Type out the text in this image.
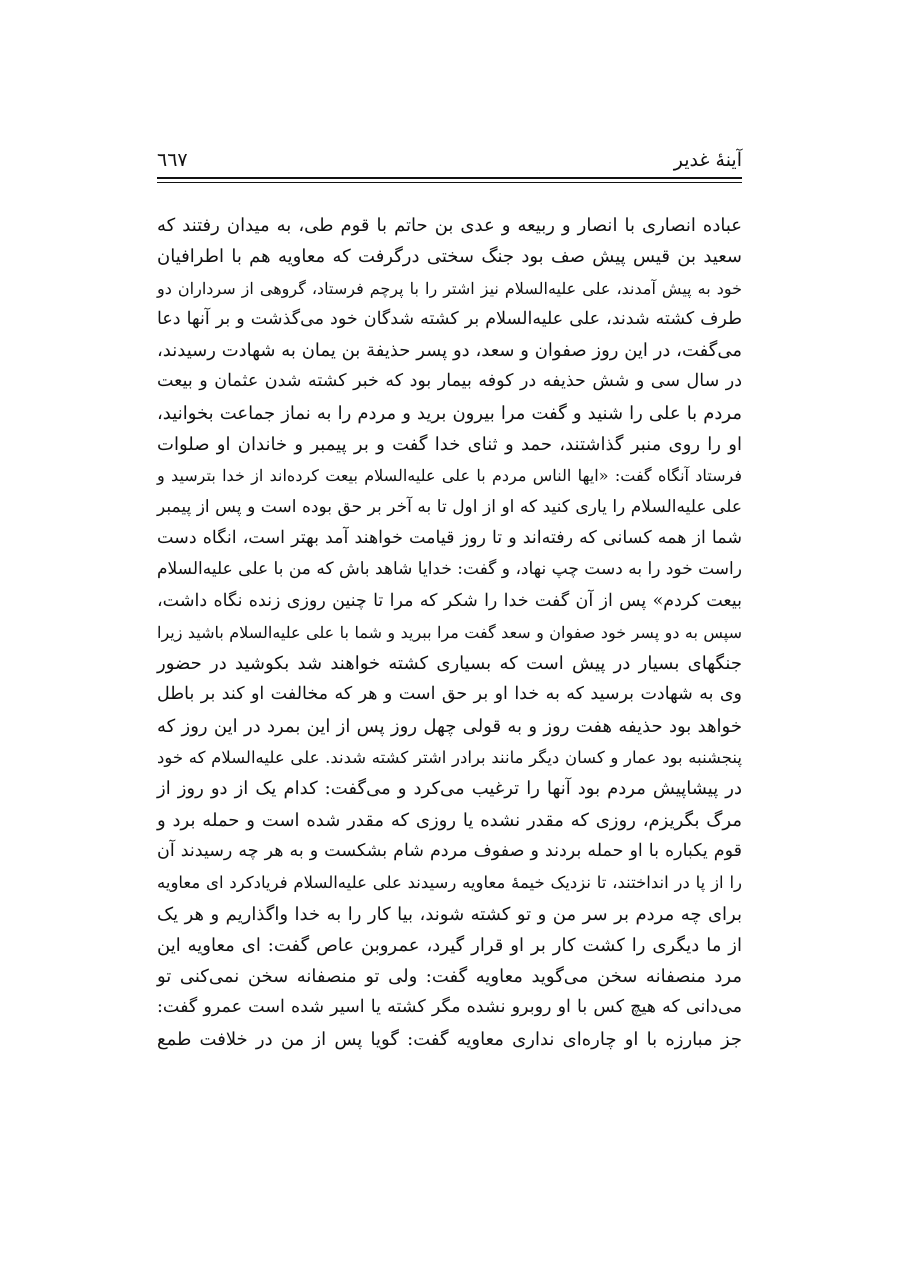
آینهٔ غدیر
٦٦٧
عباده انصاری با انصار و ربیعه و عدی بن حاتم با قوم طی، به میدان رفتند که
سعید بن قیس پیش صف بود جنگ سختی درگرفت که معاویه هم با اطرافیان
خود به پیش آمدند، علی علیه‌السلام نیز اشتر را با پرچم فرستاد، گروهی از سرداران دو
طرف کشته شدند، علی علیه‌السلام بر کشته شدگان خود می‌گذشت و بر آنها دعا
می‌گفت، در این روز صفوان و سعد، دو پسر حذیفة بن یمان به شهادت رسیدند،
در سال سی و شش حذیفه در کوفه بیمار بود که خبر کشته شدن عثمان و بیعت
مردم با علی را شنید و گفت مرا بیرون برید و مردم را به نماز جماعت بخوانید،
او را روی منبر گذاشتند، حمد و ثنای خدا گفت و بر پیمبر و خاندان او صلوات
فرستاد آنگاه گفت: «ایها الناس مردم با علی علیه‌السلام بیعت کرده‌اند از خدا بترسید و
علی علیه‌السلام را یاری کنید که او از اول تا به آخر بر حق بوده است و پس از پیمبر
شما از همه کسانی که رفته‌اند و تا روز قیامت خواهند آمد بهتر است، انگاه دست
راست خود را به دست چپ نهاد، و گفت: خدایا شاهد باش که من با علی علیه‌السلام
بیعت کردم» پس از آن گفت خدا را شکر که مرا تا چنین روزی زنده نگاه داشت،
سپس به دو پسر خود صفوان و سعد گفت مرا ببرید و شما با علی علیه‌السلام باشید زیرا
جنگهای بسیار در پیش است که بسیاری کشته خواهند شد بکوشید در حضور
وی به شهادت برسید که به خدا او بر حق است و هر که مخالفت او کند بر باطل
خواهد بود حذیفه هفت روز و به قولی چهل روز پس از این بمرد در این روز که
پنجشنبه بود عمار و کسان دیگر مانند برادر اشتر کشته شدند. علی علیه‌السلام که خود
در پیشاپیش مردم بود آنها را ترغیب می‌کرد و می‌گفت: کدام یک از دو روز از
مرگ بگریزم، روزی که مقدر نشده یا روزی که مقدر شده است و حمله برد و
قوم یکباره با او حمله بردند و صفوف مردم شام بشکست و به هر چه رسیدند آن
را از پا در انداختند، تا نزدیک خیمهٔ معاویه رسیدند علی علیه‌السلام فریادکرد ای معاویه
برای چه مردم بر سر من و تو کشته شوند، بیا کار را به خدا واگذاریم و هر یک
از ما دیگری را کشت کار بر او قرار گیرد، عمروبن عاص گفت: ای معاویه این
مرد منصفانه سخن می‌گوید معاویه گفت: ولی تو منصفانه سخن نمی‌کنی تو
می‌دانی که هیچ کس با او روبرو نشده مگر کشته یا اسیر شده است عمرو گفت:
جز مبارزه با او چاره‌ای نداری معاویه گفت: گویا پس از من در خلافت طمع
